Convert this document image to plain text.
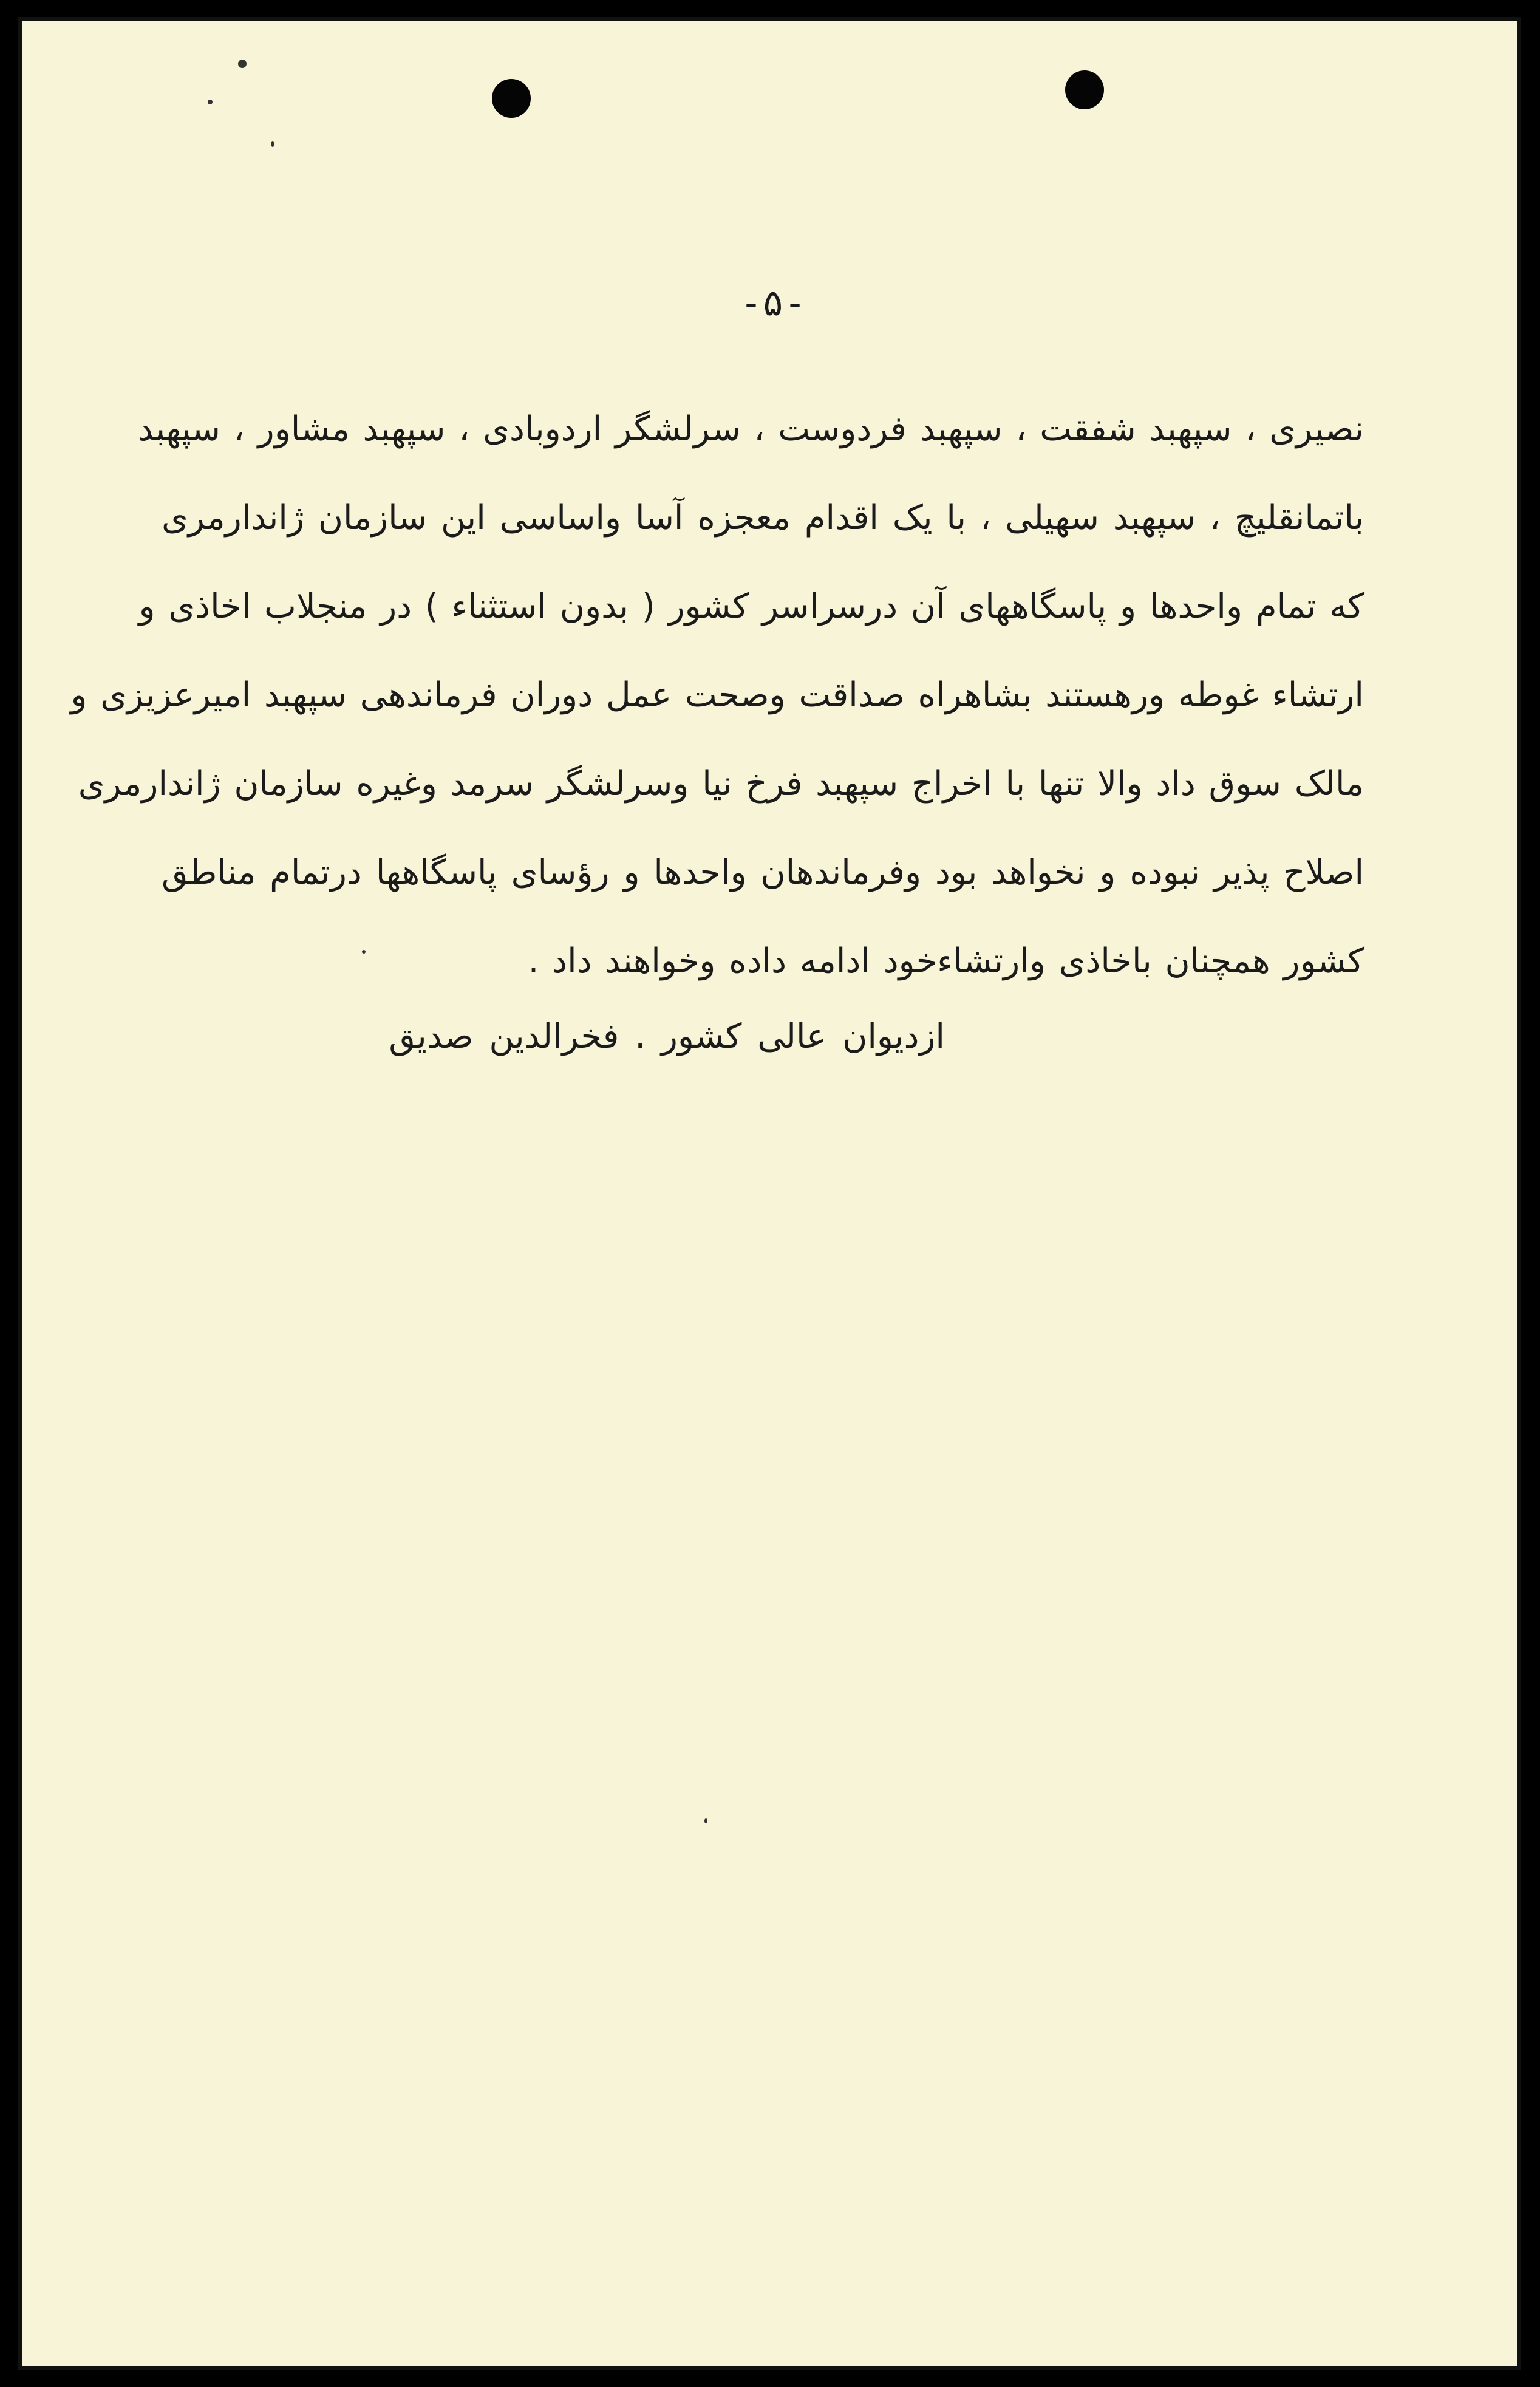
-۵-
نصیری ، سپهبد شفقت ، سپهبد فردوست ، سرلشگر اردوبادی ، سپهبد مشاور ، سپهبد
باتمانقلیچ ، سپهبد سهیلی ، با یک اقدام معجزه آسا واساسی این سازمان ژاندارمری
که تمام واحدها و پاسگاههای آن درسراسر کشور ( بدون استثناء ) در منجلاب اخاذی و
ارتشاء غوطه ورهستند بشاهراه صداقت وصحت عمل دوران فرماندهی سپهبد امیرعزیزی و
مالک سوق داد والا تنها با اخراج سپهبد فرخ نیا وسرلشگر سرمد وغیره سازمان ژاندارمری
اصلاح پذیر نبوده و نخواهد بود وفرماندهان واحدها و رؤسای پاسگاهها درتمام مناطق
کشور همچنان باخاذی وارتشاءخود ادامه داده وخواهند داد .
ازدیوان عالی کشور . فخرالدین صدیق
